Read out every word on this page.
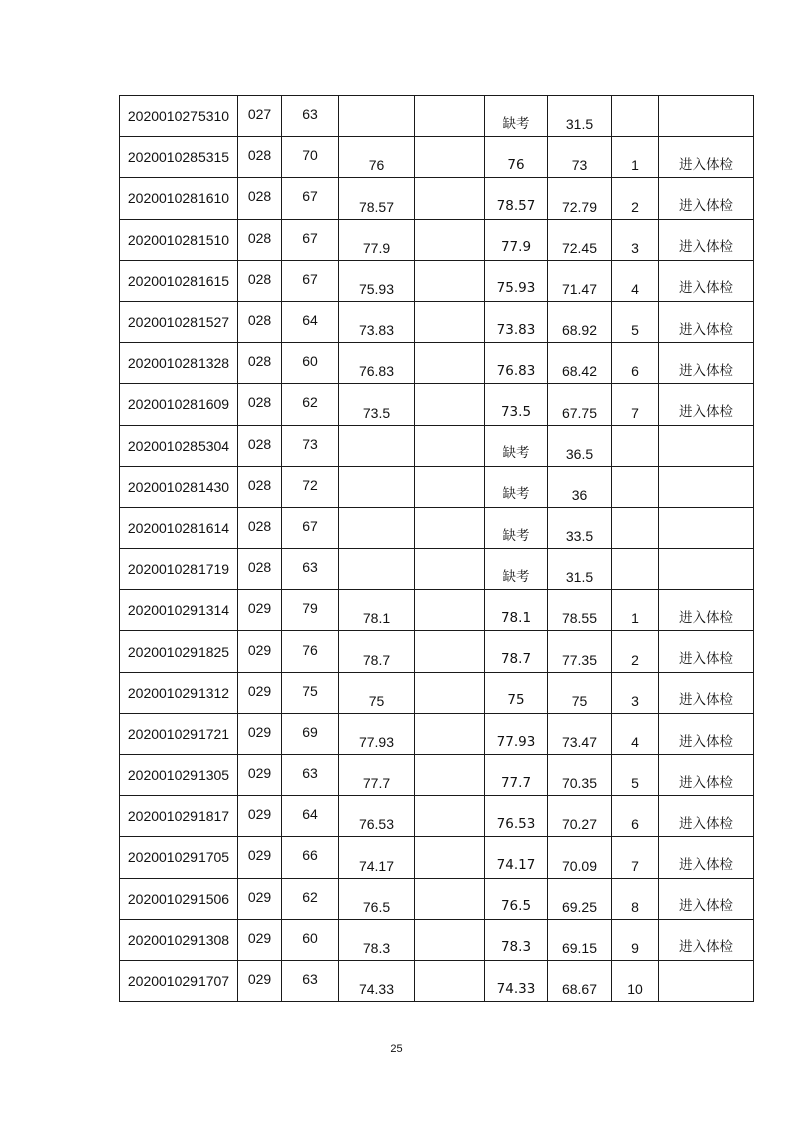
2020010275310	027	63			缺考	31.5		
2020010285315	028	70	76		76	73	1	进入体检
2020010281610	028	67	78.57		78.57	72.79	2	进入体检
2020010281510	028	67	77.9		77.9	72.45	3	进入体检
2020010281615	028	67	75.93		75.93	71.47	4	进入体检
2020010281527	028	64	73.83		73.83	68.92	5	进入体检
2020010281328	028	60	76.83		76.83	68.42	6	进入体检
2020010281609	028	62	73.5		73.5	67.75	7	进入体检
2020010285304	028	73			缺考	36.5		
2020010281430	028	72			缺考	36		
2020010281614	028	67			缺考	33.5		
2020010281719	028	63			缺考	31.5		
2020010291314	029	79	78.1		78.1	78.55	1	进入体检
2020010291825	029	76	78.7		78.7	77.35	2	进入体检
2020010291312	029	75	75		75	75	3	进入体检
2020010291721	029	69	77.93		77.93	73.47	4	进入体检
2020010291305	029	63	77.7		77.7	70.35	5	进入体检
2020010291817	029	64	76.53		76.53	70.27	6	进入体检
2020010291705	029	66	74.17		74.17	70.09	7	进入体检
2020010291506	029	62	76.5		76.5	69.25	8	进入体检
2020010291308	029	60	78.3		78.3	69.15	9	进入体检
2020010291707	029	63	74.33		74.33	68.67	10	
25
